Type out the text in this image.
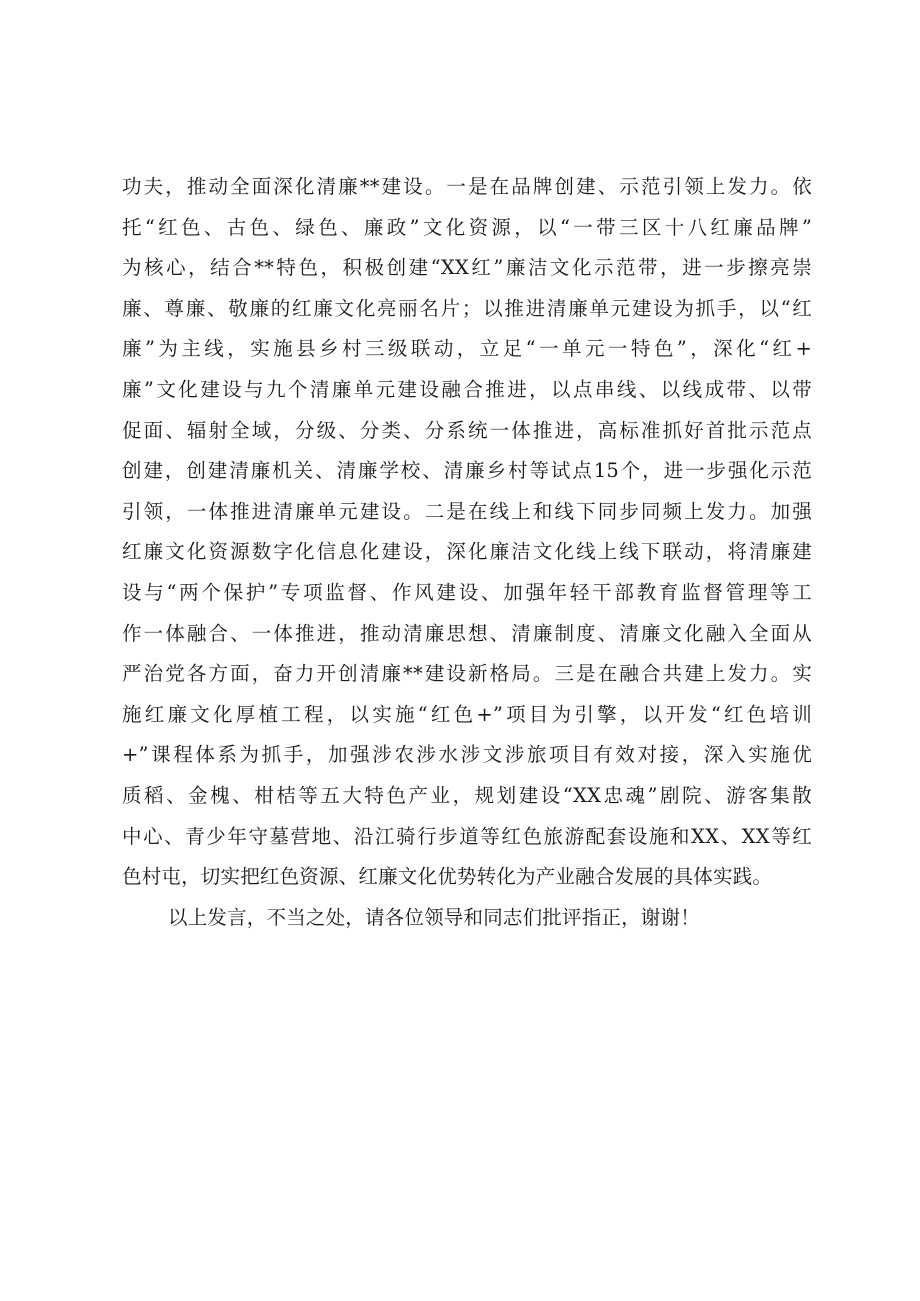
功夫，推动全面深化清廉**建设。一是在品牌创建、示范引领上发力。依
托“红色、古色、绿色、廉政”文化资源，以“一带三区十八红廉品牌”
为核心，结合**特色，积极创建“XX红”廉洁文化示范带，进一步擦亮崇
廉、尊廉、敬廉的红廉文化亮丽名片；以推进清廉单元建设为抓手，以“红
廉”为主线，实施县乡村三级联动，立足“一单元一特色”，深化“红+
廉”文化建设与九个清廉单元建设融合推进，以点串线、以线成带、以带
促面、辐射全域，分级、分类、分系统一体推进，高标准抓好首批示范点
创建，创建清廉机关、清廉学校、清廉乡村等试点15个，进一步强化示范
引领，一体推进清廉单元建设。二是在线上和线下同步同频上发力。加强
红廉文化资源数字化信息化建设，深化廉洁文化线上线下联动，将清廉建
设与“两个保护”专项监督、作风建设、加强年轻干部教育监督管理等工
作一体融合、一体推进，推动清廉思想、清廉制度、清廉文化融入全面从
严治党各方面，奋力开创清廉**建设新格局。三是在融合共建上发力。实
施红廉文化厚植工程，以实施“红色+”项目为引擎，以开发“红色培训
+”课程体系为抓手，加强涉农涉水涉文涉旅项目有效对接，深入实施优
质稻、金槐、柑桔等五大特色产业，规划建设“XX忠魂”剧院、游客集散
中心、青少年守墓营地、沿江骑行步道等红色旅游配套设施和XX、XX等红
色村屯，切实把红色资源、红廉文化优势转化为产业融合发展的具体实践。
以上发言，不当之处，请各位领导和同志们批评指正，谢谢！
